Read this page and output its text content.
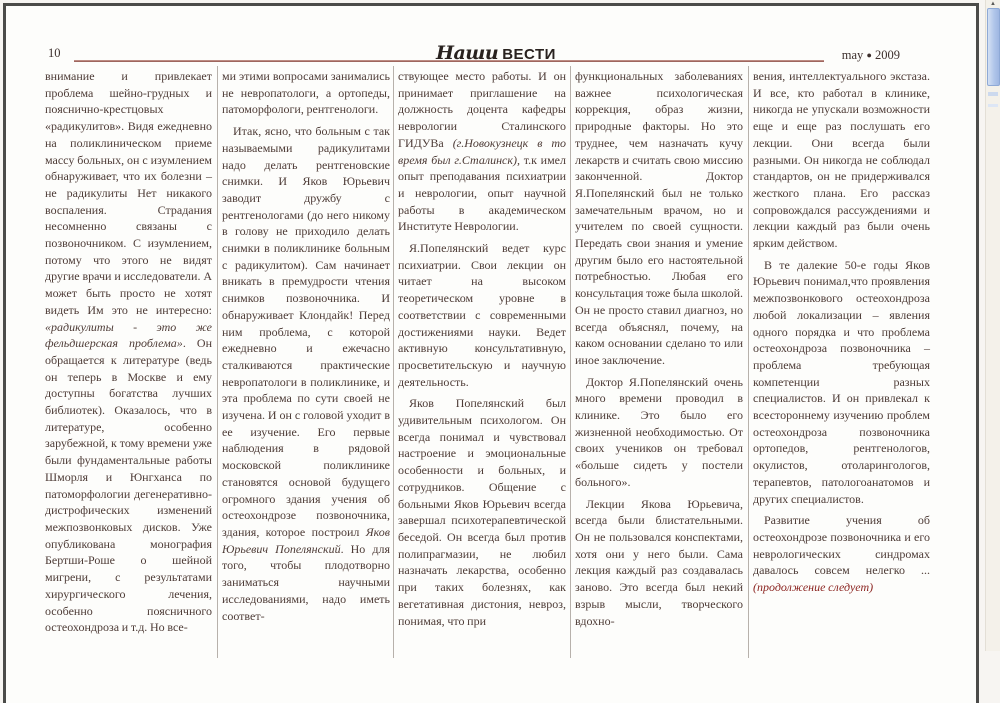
10	Наши ВЕСТИ	may ● 2009

внимание и привлекает проблема шейно-грудных и пояснично-крестцовых «радикулитов». Видя ежедневно на поликлиническом приеме массу больных, он с изумлением обнаруживает, что их болезни – не радикулиты Нет никакого воспаления. Страдания несомненно связаны с позвоночником. С изумлением, потому что этого не видят другие врачи и исследователи. А может быть просто не хотят видеть Им это не интересно: «радикулиты - это же фельдшерская проблема». Он обращается к литературе (ведь он теперь в Москве и ему доступны богатства лучших библиотек). Оказалось, что в литературе, особенно зарубежной, к тому времени уже были фундаментальные работы Шморля и Юнгханса по патоморфологии дегенеративно-дистрофических изменений межпозвонковых дисков. Уже опубликована монография Бертши-Роше о шейной мигрени, с результатами хирургического лечения, особенно поясничного остеохондроза и т.д. Но все-

ми этими вопросами занимались не невропатологи, а ортопеды, патоморфологи, рентгенологи.

Итак, ясно, что больным с так называемыми радикулитами надо делать рентгеновские снимки. И Яков Юрьевич заводит дружбу с рентгенологами (до него никому в голову не приходило делать снимки в поликлинике больным с радикулитом). Сам начинает вникать в премудрости чтения снимков позвоночника. И обнаруживает Клондайк! Перед ним проблема, с которой ежедневно и ежечасно сталкиваются практические невропатологи в поликлинике, и эта проблема по сути своей не изучена. И он с головой уходит в ее изучение. Его первые наблюдения в рядовой московской поликлинике становятся основой будущего огромного здания учения об остеохондрозе позвоночника, здания, которое построил Яков Юрьевич Попелянский. Но для того, чтобы плодотворно заниматься научными исследованиями, надо иметь соответ-

ствующее место работы. И он принимает приглашение на должность доцента кафедры неврологии Сталинского ГИДУВа (г.Новокузнецк в то время был г.Сталинск), т.к имел опыт преподавания психиатрии и неврологии, опыт научной работы в академическом Институте Неврологии.

Я.Попелянский ведет курс психиатрии. Свои лекции он читает на высоком теоретическом уровне в соответствии с современными достижениями науки. Ведет активную консультативную, просветительскую и научную деятельность.

Яков Попелянский был удивительным психологом. Он всегда понимал и чувствовал настроение и эмоциональные особенности и больных, и сотрудников. Общение с больными Яков Юрьевич всегда завершал психотерапевтической беседой. Он всегда был против полипрагмазии, не любил назначать лекарства, особенно при таких болезнях, как вегетативная дистония, невроз, понимая, что при

функциональных заболеваниях важнее психологическая коррекция, образ жизни, природные факторы. Но это труднее, чем назначать кучу лекарств и считать свою миссию законченной. Доктор Я.Попелянский был не только замечательным врачом, но и учителем по своей сущности. Передать свои знания и умение другим было его настоятельной потребностью. Любая его консультация тоже была школой. Он не просто ставил диагноз, но всегда объяснял, почему, на каком основании сделано то или иное заключение.

Доктор Я.Попелянский очень много времени проводил в клинике. Это было его жизненной необходимостью. От своих учеников он требовал «больше сидеть у постели больного».

Лекции Якова Юрьевича, всегда были блистательными. Он не пользовался конспектами, хотя они у него были. Сама лекция каждый раз создавалась заново. Это всегда был некий взрыв мысли, творческого вдохно-

вения, интеллектуального экстаза. И все, кто работал в клинике, никогда не упускали возможности еще и еще раз послушать его лекции. Они всегда были разными. Он никогда не соблюдал стандартов, он не придерживался жесткого плана. Его рассказ сопровождался рассуждениями и лекции каждый раз были очень ярким действом.

В те далекие 50-е годы Яков Юрьевич понимал,что проявления межпозвонкового остеохондроза любой локализации – явления одного порядка и что проблема остеохондроза позвоночника – проблема требующая компетенции разных специалистов. И он привлекал к всестороннему изучению проблем остеохондроза позвоночника ортопедов, рентгенологов, окулистов, отоларингологов, терапевтов, патологоанатомов и других специалистов.

Развитие учения об остеохондрозе позвоночника и его неврологических синдромах давалось совсем нелегко ...(продолжение следует)

▲
